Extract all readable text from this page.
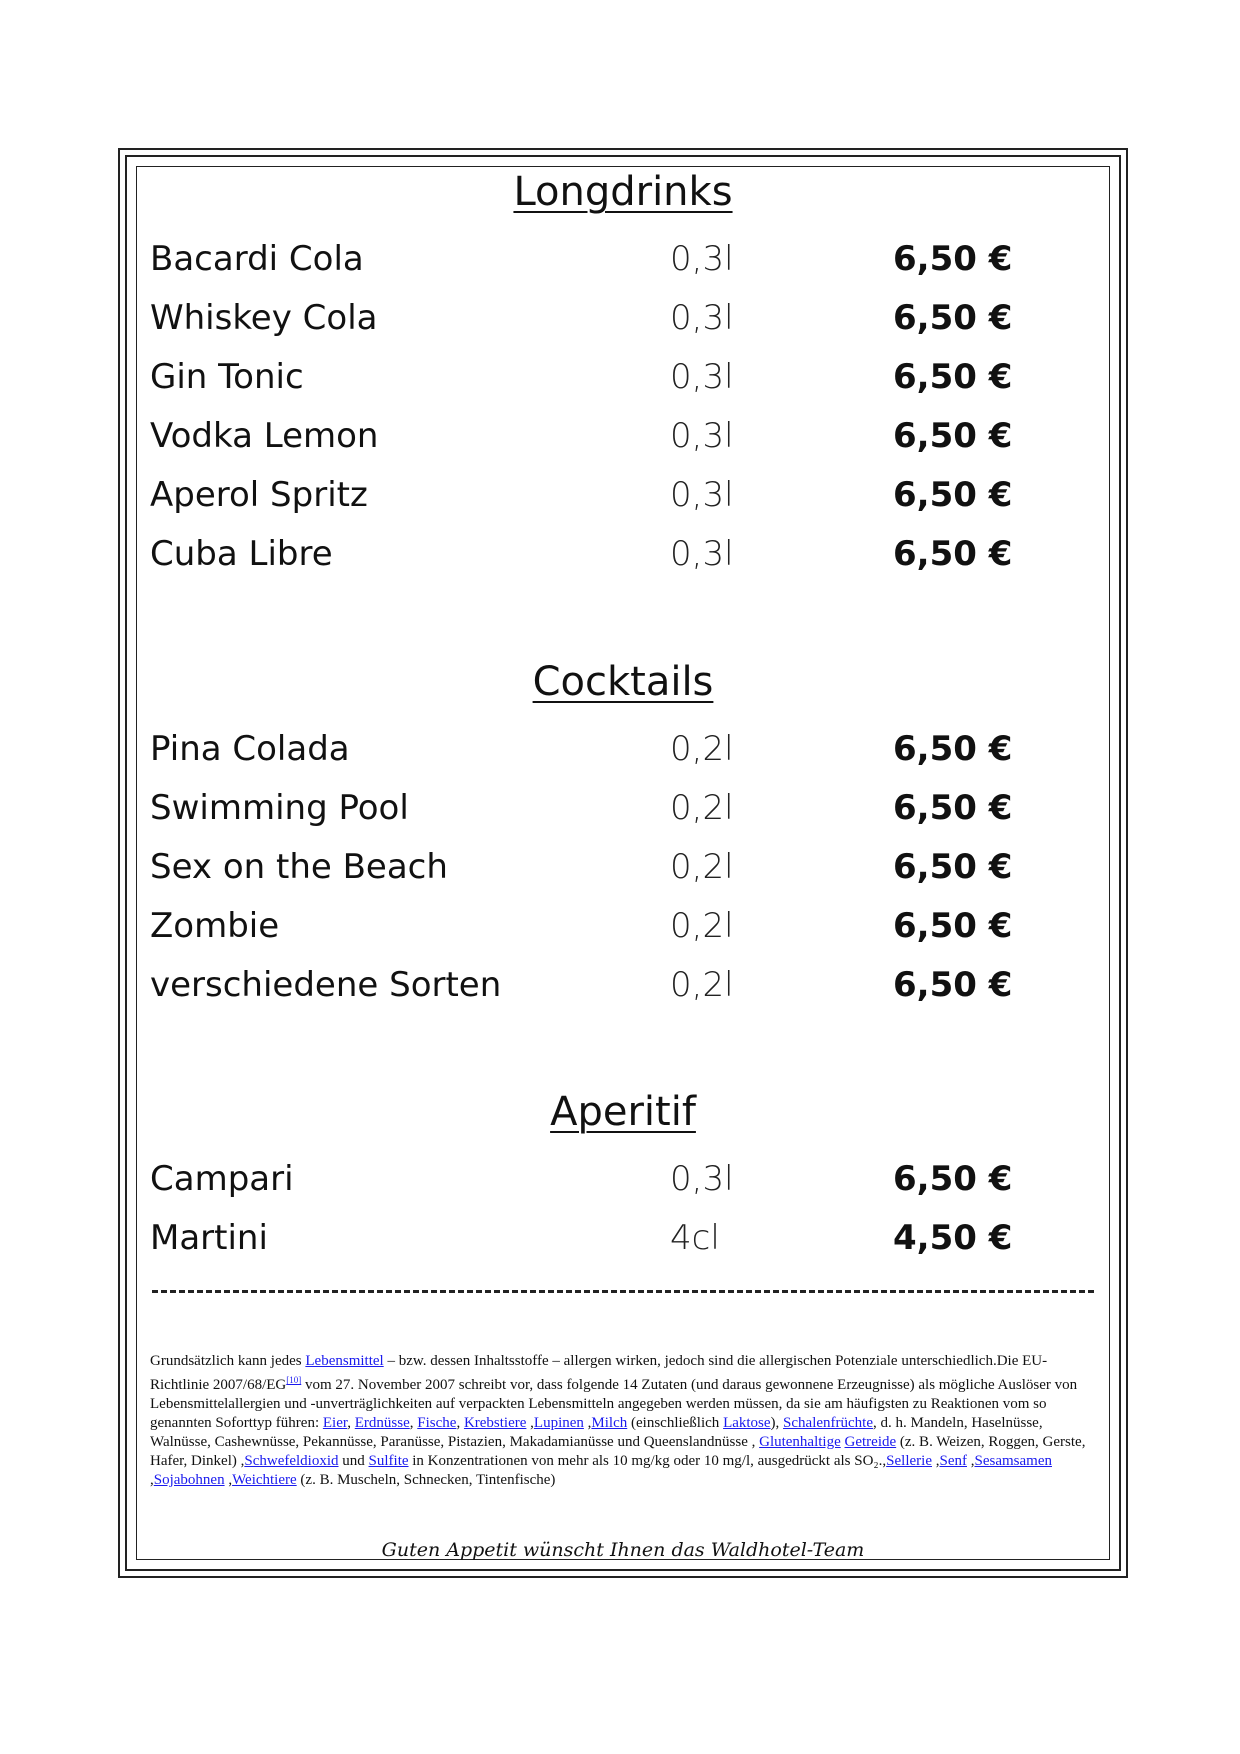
Longdrinks
Bacardi Cola	0,3l	6,50 €
Whiskey Cola	0,3l	6,50 €
Gin Tonic	0,3l	6,50 €
Vodka Lemon	0,3l	6,50 €
Aperol Spritz	0,3l	6,50 €
Cuba Libre	0,3l	6,50 €
Cocktails
Pina Colada	0,2l	6,50 €
Swimming Pool	0,2l	6,50 €
Sex on the Beach	0,2l	6,50 €
Zombie	0,2l	6,50 €
verschiedene Sorten	0,2l	6,50 €
Aperitif
Campari	0,3l	6,50 €
Martini	4cl	4,50 €
Grundsätzlich kann jedes Lebensmittel – bzw. dessen Inhaltsstoffe – allergen wirken, jedoch sind die allergischen Potenziale unterschiedlich.Die EU-Richtlinie 2007/68/EG[10] vom 27. November 2007 schreibt vor, dass folgende 14 Zutaten (und daraus gewonnene Erzeugnisse) als mögliche Auslöser von Lebensmittelallergien und -unverträglichkeiten auf verpackten Lebensmitteln angegeben werden müssen, da sie am häufigsten zu Reaktionen vom so genannten Soforttyp führen: Eier, Erdnüsse, Fische, Krebstiere ,Lupinen ,Milch (einschließlich Laktose), Schalenfrüchte, d. h. Mandeln, Haselnüsse, Walnüsse, Cashewnüsse, Pekannüsse, Paranüsse, Pistazien, Makadamianüsse und Queenslandnüsse , Glutenhaltige Getreide (z. B. Weizen, Roggen, Gerste, Hafer, Dinkel) ,Schwefeldioxid und Sulfite in Konzentrationen von mehr als 10 mg/kg oder 10 mg/l, ausgedrückt als SO₂.,Sellerie ,Senf ,Sesamsamen ,Sojabohnen ,Weichtiere (z. B. Muscheln, Schnecken, Tintenfische)
Guten Appetit wünscht Ihnen das Waldhotel-Team
